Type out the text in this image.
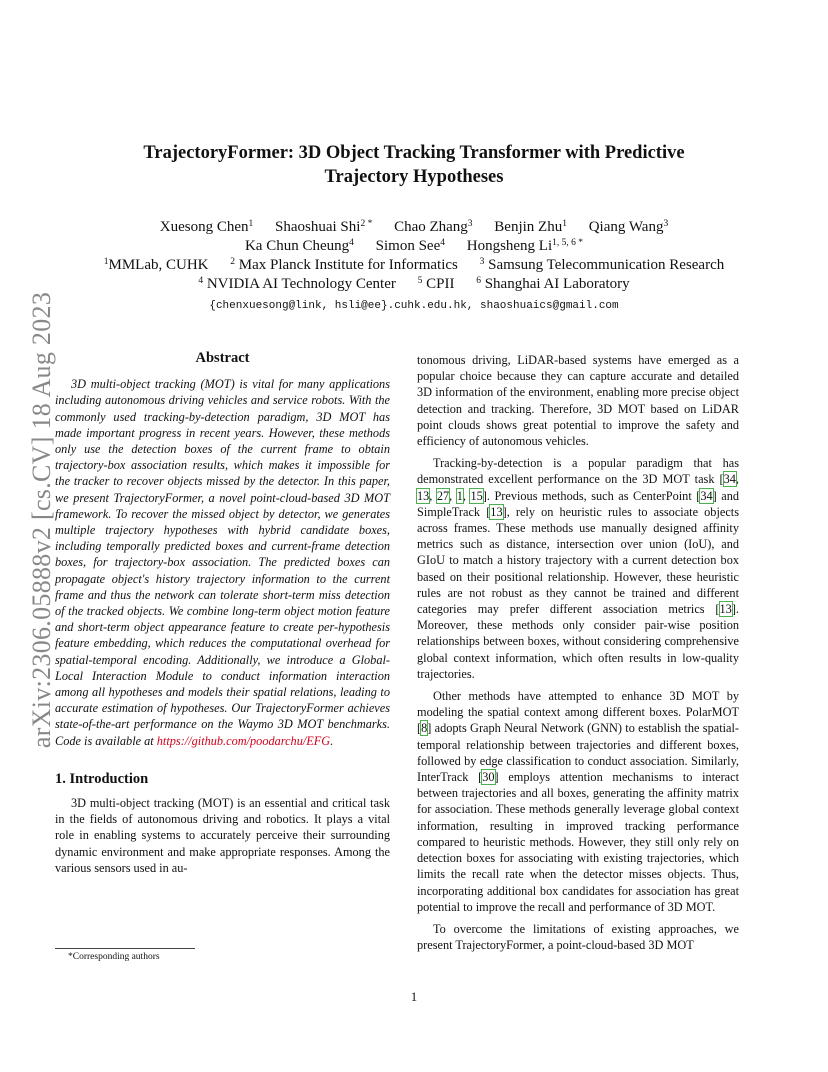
arXiv:2306.05888v2 [cs.CV] 18 Aug 2023
TrajectoryFormer: 3D Object Tracking Transformer with Predictive
Trajectory Hypotheses
Xuesong Chen$^1$ Shaoshuai Shi$^{2 *}$ Chao Zhang$^3$ Benjin Zhu$^1$ Qiang Wang$^3$
Ka Chun Cheung$^4$ Simon See$^4$ Hongsheng $Li^{1, 5, 6 *}$
$^1$MMLab, CUHK $^2$ Max Planck Institute for Informatics $^3$ Samsung Telecommunication Research
$^4$ NVIDIA AI Technology Center $^5$ CPII $^6$ Shanghai AI Laboratory
{chenxuesong@link, hsli@ee}.cuhk.edu.hk, shaoshuaics@gmail.com
Abstract

3D multi-object tracking (MOT) is vital for many applications including autonomous driving vehicles and service robots. With the commonly used tracking-by-detection paradigm, 3D MOT has made important progress in recent years. However, these methods only use the detection boxes of the current frame to obtain trajectory-box association results, which makes it impossible for the tracker to recover objects missed by the detector. In this paper, we present TrajectoryFormer, a novel point-cloud-based 3D MOT framework. To recover the missed object by detector, we generates multiple trajectory hypotheses with hybrid candidate boxes, including temporally predicted boxes and current-frame detection boxes, for trajectory-box association. The predicted boxes can propagate object's history trajectory information to the current frame and thus the network can tolerate short-term miss detection of the tracked objects. We combine long-term object motion feature and short-term object appearance feature to create per-hypothesis feature embedding, which reduces the computational overhead for spatial-temporal encoding. Additionally, we introduce a Global-Local Interaction Module to conduct information interaction among all hypotheses and models their spatial relations, leading to accurate estimation of hypotheses. Our TrajectoryFormer achieves state-of-the-art performance on the Waymo 3D MOT benchmarks. Code is available at https://github.com/poodarchu/EFG.

1. Introduction

3D multi-object tracking (MOT) is an essential and critical task in the fields of autonomous driving and robotics. It plays a vital role in enabling systems to accurately perceive their surrounding dynamic environment and make appropriate responses. Among the various sensors used in au-

tonomous driving, LiDAR-based systems have emerged as a popular choice because they can capture accurate and detailed 3D information of the environment, enabling more precise object detection and tracking. Therefore, 3D MOT based on LiDAR point clouds shows great potential to improve the safety and efficiency of autonomous vehicles.

Tracking-by-detection is a popular paradigm that has demonstrated excellent performance on the 3D MOT task [34, 13, 27, 1, 15]. Previous methods, such as CenterPoint [34] and SimpleTrack [13], rely on heuristic rules to associate objects across frames. These methods use manually designed affinity metrics such as distance, intersection over union (IoU), and GIoU to match a history trajectory with a current detection box based on their positional relationship. However, these heuristic rules are not robust as they cannot be trained and different categories may prefer different association metrics [13]. Moreover, these methods only consider pair-wise position relationships between boxes, without considering comprehensive global context information, which often results in low-quality trajectories.

Other methods have attempted to enhance 3D MOT by modeling the spatial context among different boxes. PolarMOT [8] adopts Graph Neural Network (GNN) to establish the spatial-temporal relationship between trajectories and different boxes, followed by edge classification to conduct association. Similarly, InterTrack [30] employs attention mechanisms to interact between trajectories and all boxes, generating the affinity matrix for association. These methods generally leverage global context information, resulting in improved tracking performance compared to heuristic methods. However, they still only rely on detection boxes for associating with existing trajectories, which limits the recall rate when the detector misses objects. Thus, incorporating additional box candidates for association has great potential to improve the recall and performance of 3D MOT.

To overcome the limitations of existing approaches, we present TrajectoryFormer, a point-cloud-based 3D MOT

*Corresponding authors
1
